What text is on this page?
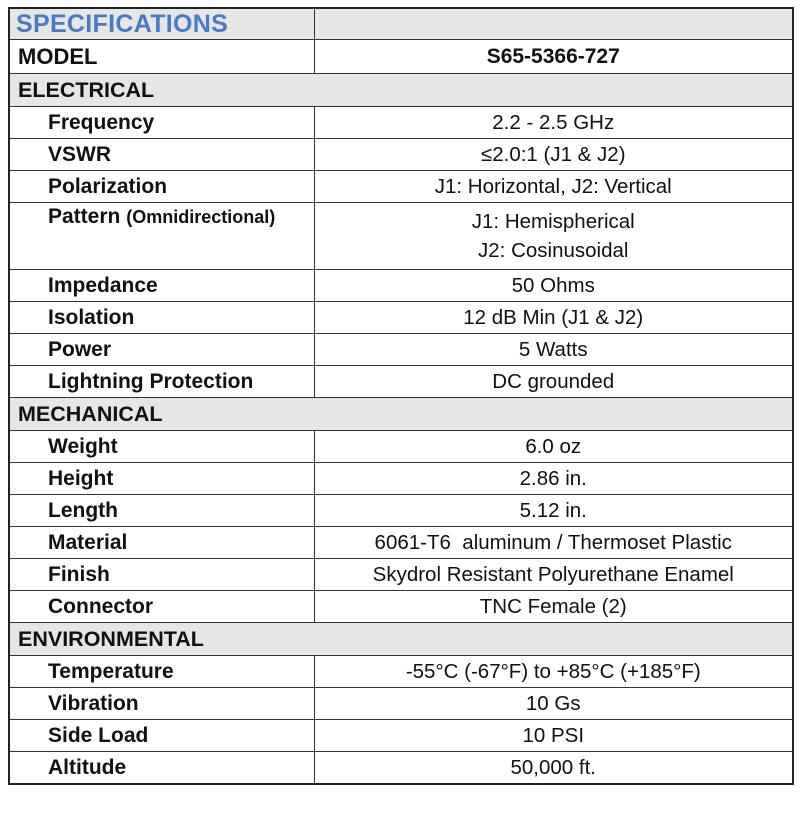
SPECIFICATIONS	
MODEL	S65-5366-727
ELECTRICAL	
Frequency	2.2 - 2.5 GHz
VSWR	≤2.0:1 (J1 & J2)
Polarization	J1: Horizontal, J2: Vertical
Pattern (Omnidirectional)	J1: Hemispherical
J2: Cosinusoidal

Impedance	50 Ohms
Isolation	12 dB Min (J1 & J2)
Power	5 Watts
Lightning Protection	DC grounded
MECHANICAL	
Weight	6.0 oz
Height	2.86 in.
Length	5.12 in.
Material	6061-T6  aluminum / Thermoset Plastic
Finish	Skydrol Resistant Polyurethane Enamel
Connector	TNC Female (2)
ENVIRONMENTAL	
Temperature	-55°C (-67°F) to +85°C (+185°F)
Vibration	10 Gs
Side Load	10 PSI
Altitude	50,000 ft.
